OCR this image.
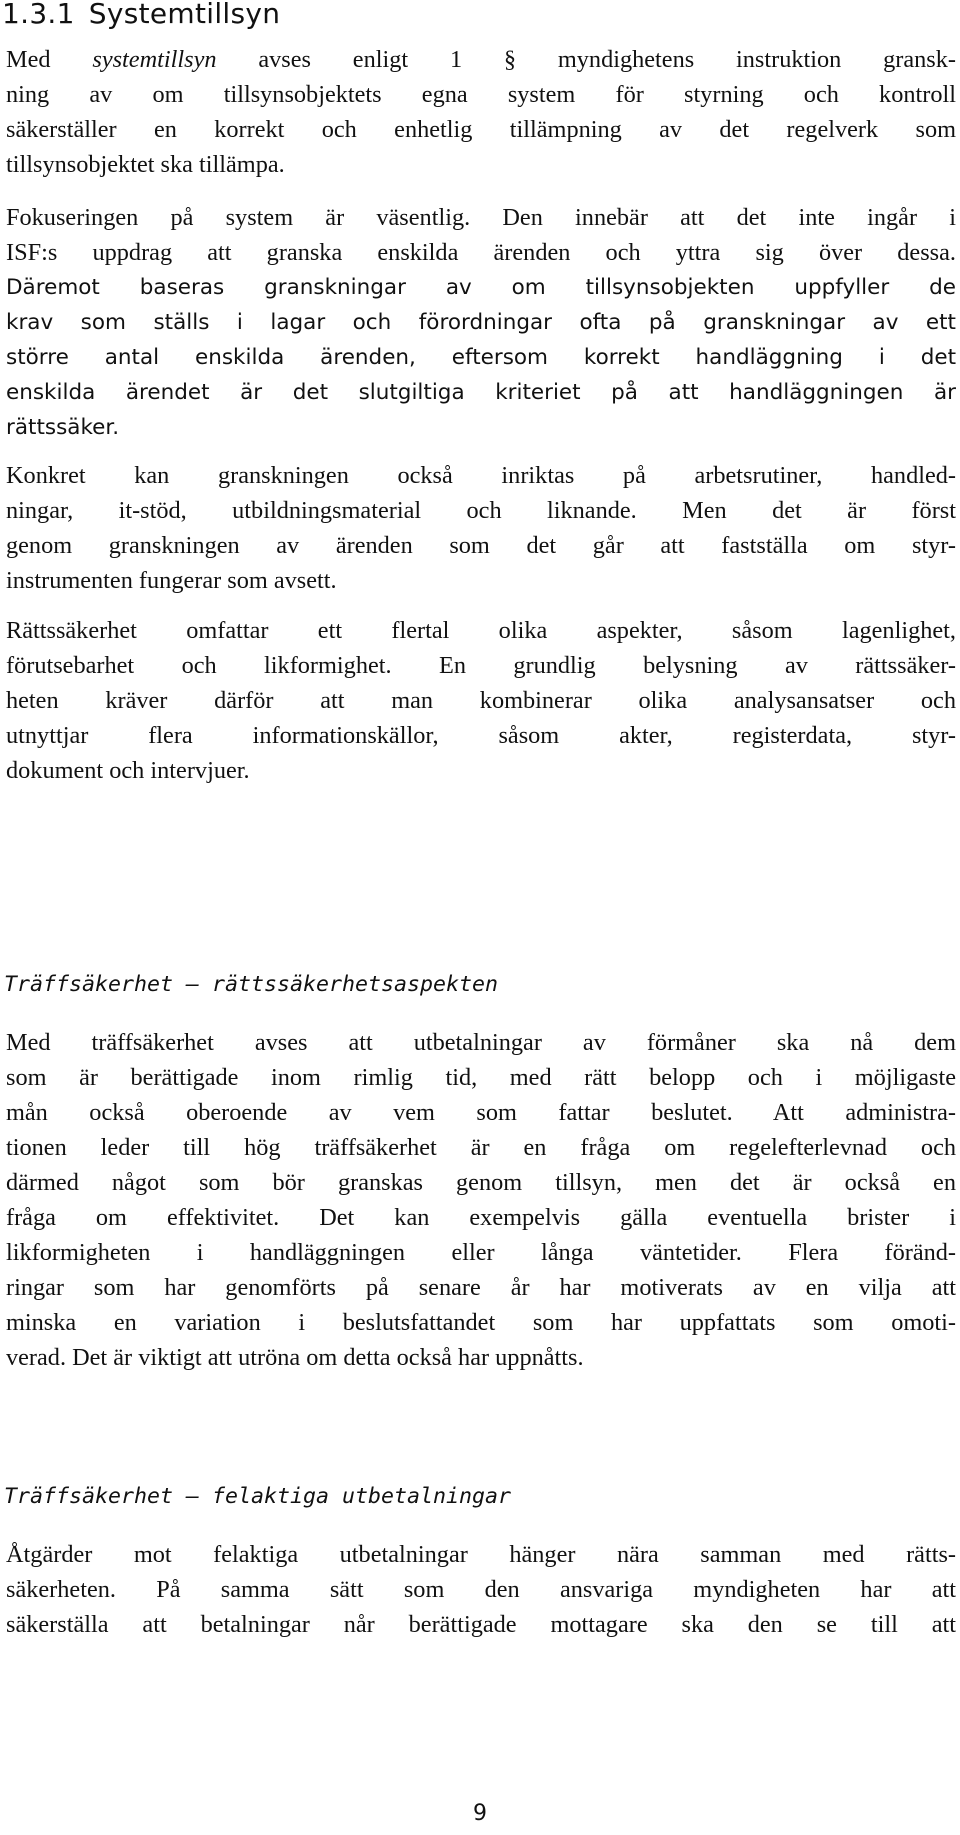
1.3.1 Systemtillsyn
Med systemtillsyn avses enligt 1 § myndighetens instruktion gransk-
ning av om tillsynsobjektets egna system för styrning och kontroll
säkerställer en korrekt och enhetlig tillämpning av det regelverk som
tillsynsobjektet ska tillämpa.
Fokuseringen på system är väsentlig. Den innebär att det inte ingår i
ISF:s uppdrag att granska enskilda ärenden och yttra sig över dessa.
Däremot baseras granskningar av om tillsynsobjekten uppfyller de
krav som ställs i lagar och förordningar ofta på granskningar av ett
större antal enskilda ärenden, eftersom korrekt handläggning i det
enskilda ärendet är det slutgiltiga kriteriet på att handläggningen är
rättssäker.
Konkret kan granskningen också inriktas på arbetsrutiner, handled-
ningar, it-stöd, utbildningsmaterial och liknande. Men det är först
genom granskningen av ärenden som det går att fastställa om styr-
instrumenten fungerar som avsett.
Rättssäkerhet omfattar ett flertal olika aspekter, såsom lagenlighet,
förutsebarhet och likformighet. En grundlig belysning av rättssäker-
heten kräver därför att man kombinerar olika analysansatser och
utnyttjar flera informationskällor, såsom akter, registerdata, styr-
dokument och intervjuer.
Träffsäkerhet – rättssäkerhetsaspekten
Med träffsäkerhet avses att utbetalningar av förmåner ska nå dem
som är berättigade inom rimlig tid, med rätt belopp och i möjligaste
mån också oberoende av vem som fattar beslutet. Att administra-
tionen leder till hög träffsäkerhet är en fråga om regelefterlevnad och
därmed något som bör granskas genom tillsyn, men det är också en
fråga om effektivitet. Det kan exempelvis gälla eventuella brister i
likformigheten i handläggningen eller långa väntetider. Flera föränd-
ringar som har genomförts på senare år har motiverats av en vilja att
minska en variation i beslutsfattandet som har uppfattats som omoti-
verad. Det är viktigt att utröna om detta också har uppnåtts.
Träffsäkerhet – felaktiga utbetalningar
Åtgärder mot felaktiga utbetalningar hänger nära samman med rätts-
säkerheten. På samma sätt som den ansvariga myndigheten har att
säkerställa att betalningar når berättigade mottagare ska den se till att
9
